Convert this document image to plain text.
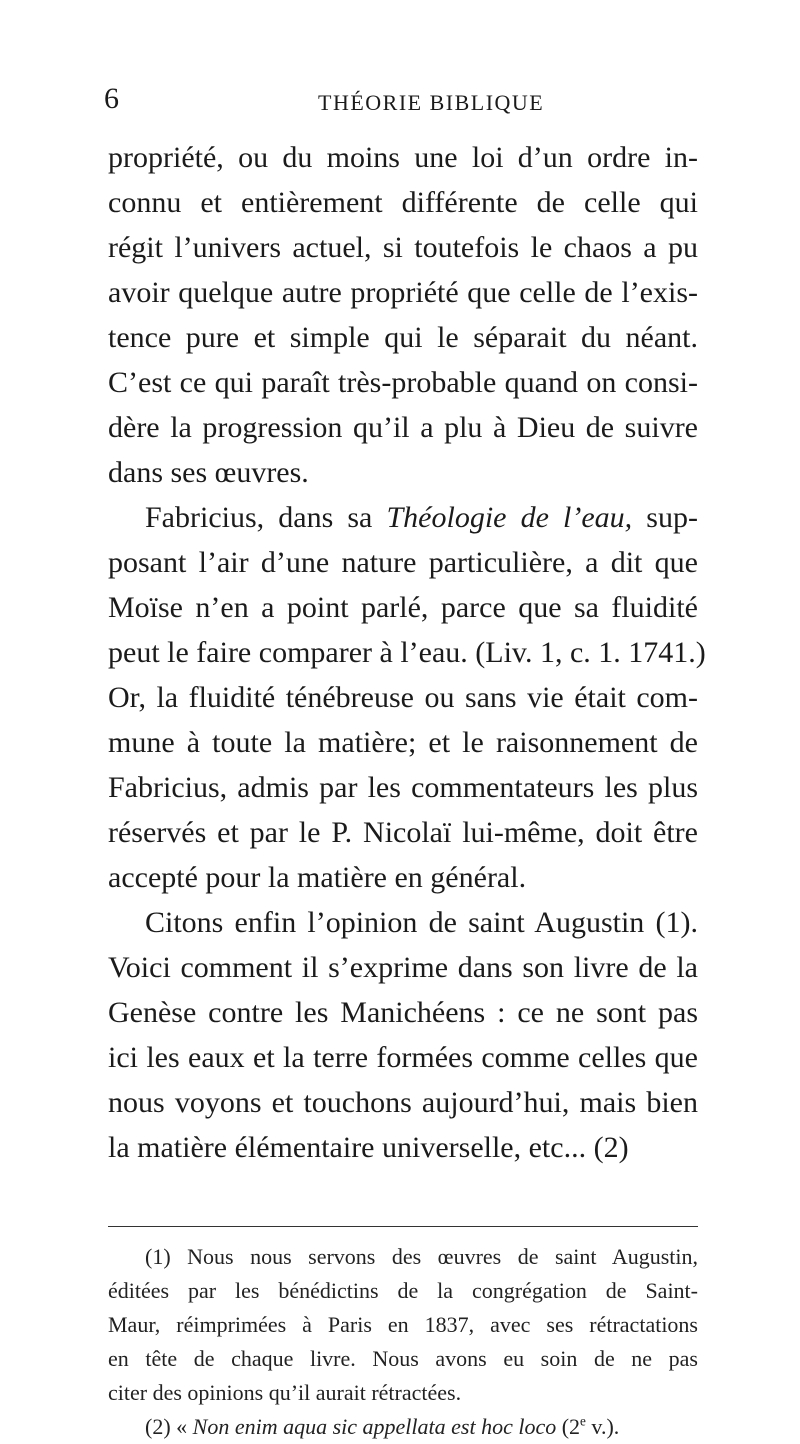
6	THÉORIE BIBLIQUE
propriété, ou du moins une loi d’un ordre in-
connu et entièrement différente de celle qui
régit l’univers actuel, si toutefois le chaos a pu
avoir quelque autre propriété que celle de l’exis-
tence pure et simple qui le séparait du néant.
C’est ce qui paraît très-probable quand on consi-
dère la progression qu’il a plu à Dieu de suivre
dans ses œuvres.
Fabricius, dans sa Théologie de l’eau, sup-
posant l’air d’une nature particulière, a dit que
Moïse n’en a point parlé, parce que sa fluidité
peut le faire comparer à l’eau. (Liv. 1, c. 1. 1741.)
Or, la fluidité ténébreuse ou sans vie était com-
mune à toute la matière; et le raisonnement de
Fabricius, admis par les commentateurs les plus
réservés et par le P. Nicolaï lui-même, doit être
accepté pour la matière en général.
Citons enfin l’opinion de saint Augustin (1).
Voici comment il s’exprime dans son livre de la
Genèse contre les Manichéens : ce ne sont pas
ici les eaux et la terre formées comme celles que
nous voyons et touchons aujourd’hui, mais bien
la matière élémentaire universelle, etc... (2)
(1) Nous nous servons des œuvres de saint Augustin,
éditées par les bénédictins de la congrégation de Saint-
Maur, réimprimées à Paris en 1837, avec ses rétractations
en tête de chaque livre. Nous avons eu soin de ne pas
citer des opinions qu’il aurait rétractées.
(2) « Non enim aqua sic appellata est hoc loco (2e v.).
